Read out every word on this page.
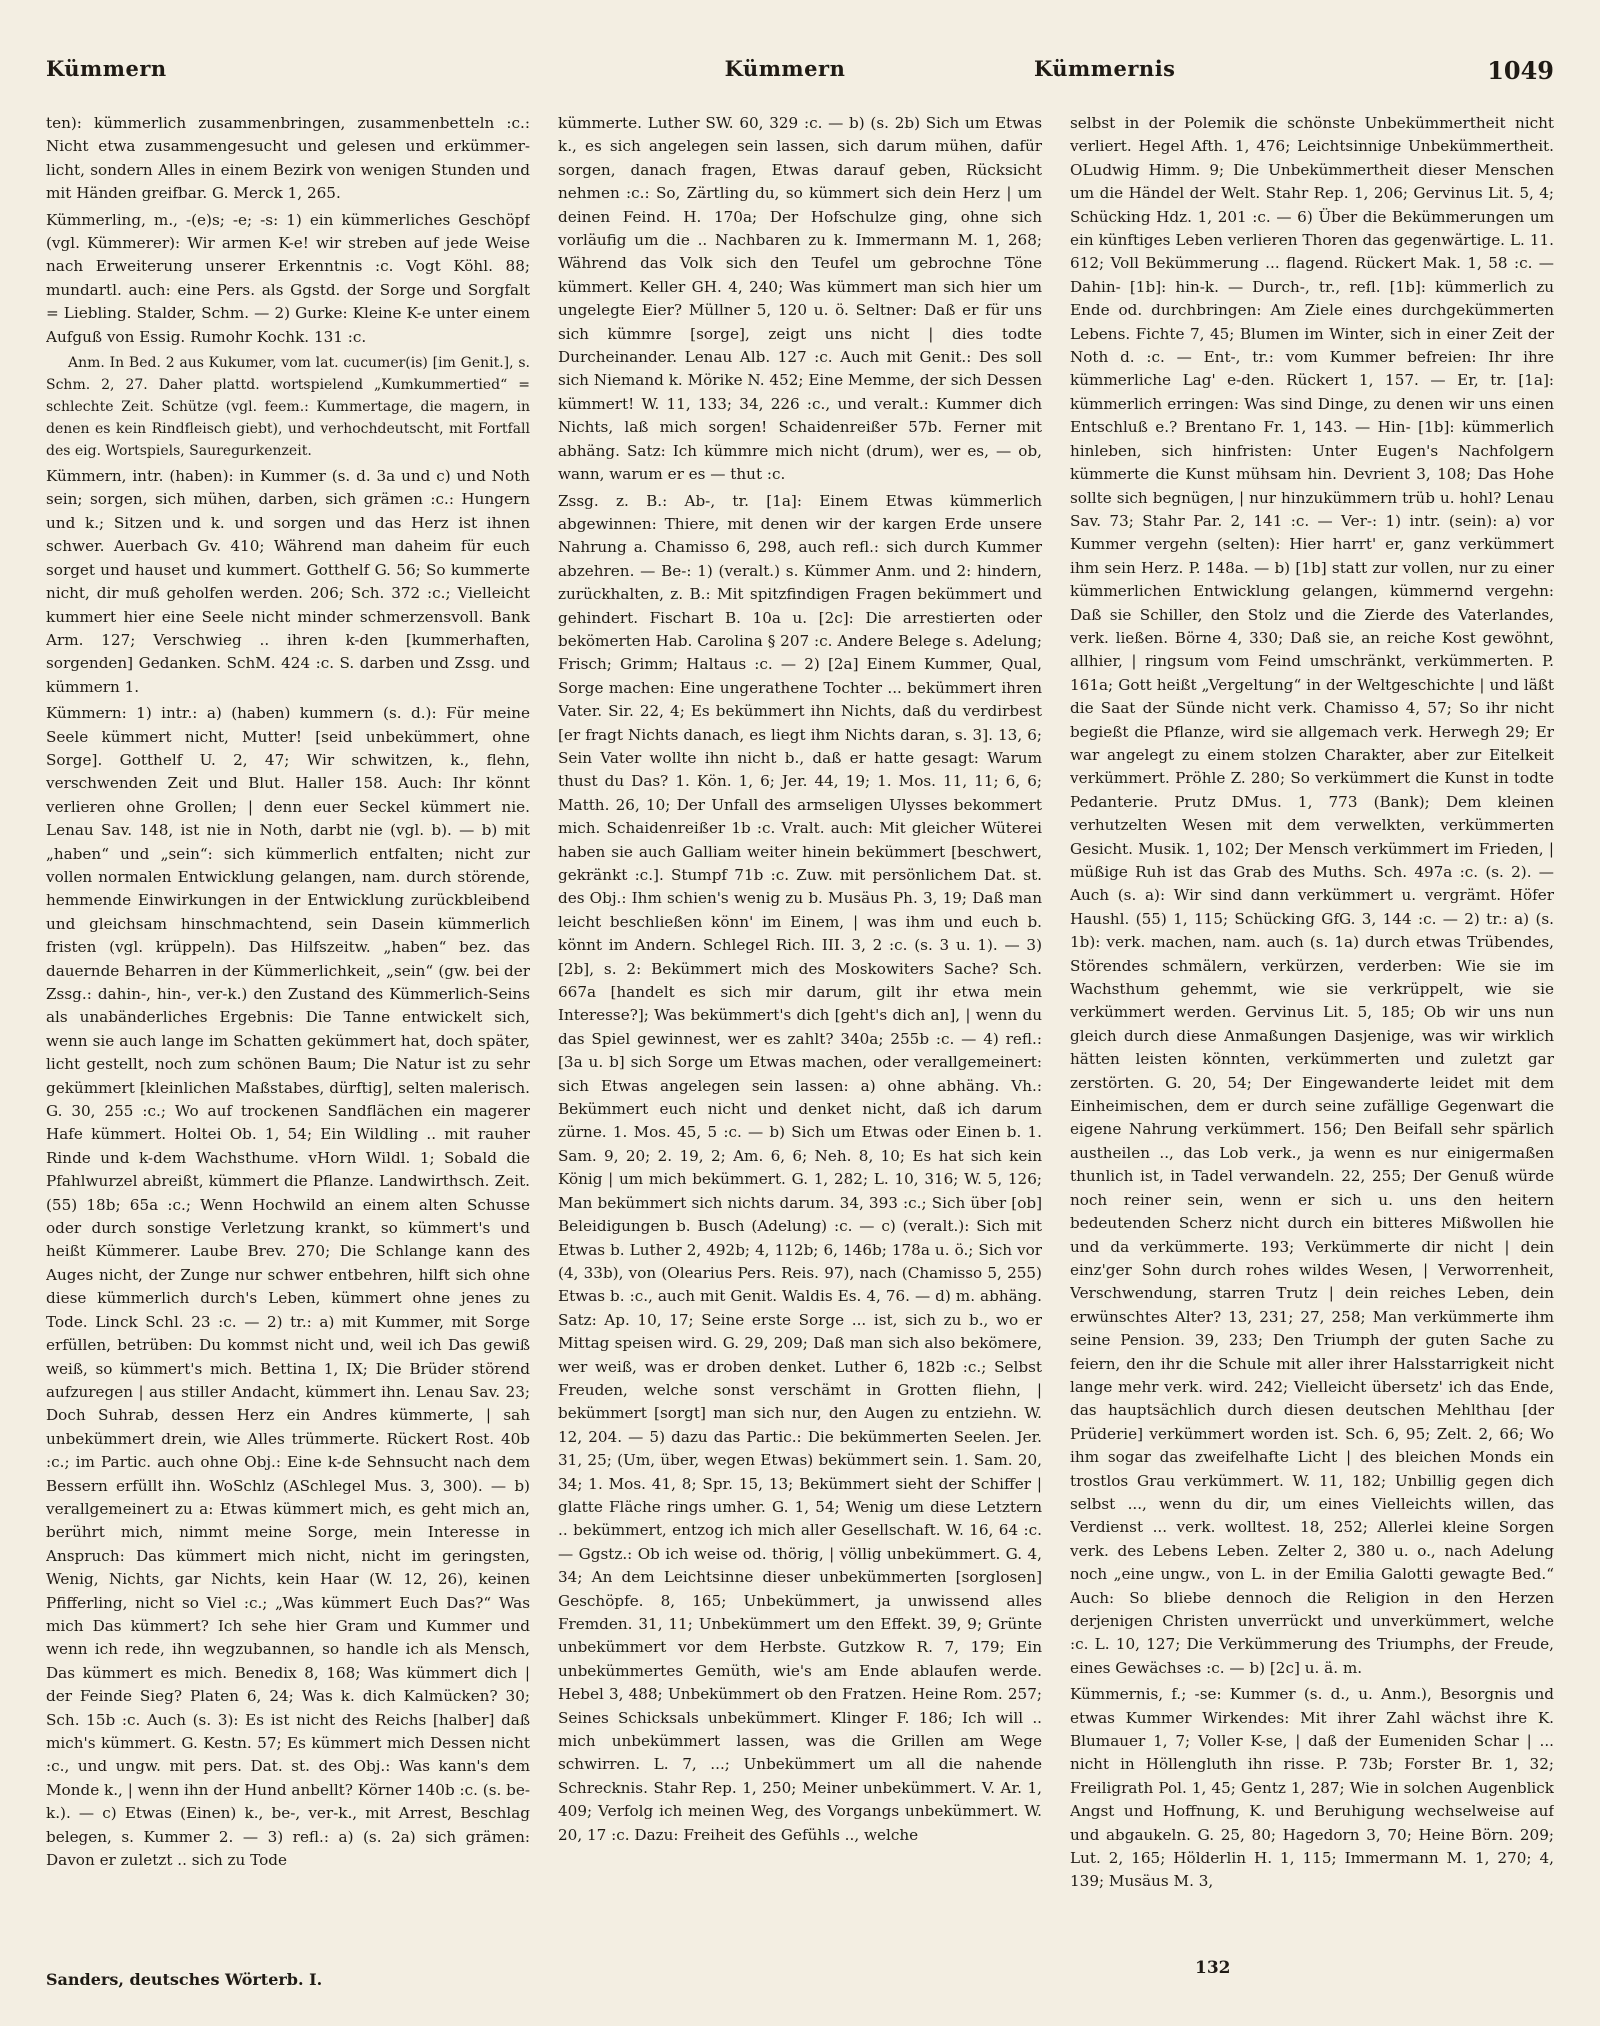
Kümmern	Kümmern	Kümmernis	1049

ten): kümmerlich zusammenbringen, zusammenbetteln :c.: Nicht etwa zusammengesucht und gelesen und erkümmerlicht, sondern Alles in einem Bezirk von wenigen Stunden und mit Händen greifbar. G. Merck 1, 265.

Kümmerling, m., -(e)s; -e; -s: 1) ein kümmerliches Geschöpf (vgl. Kümmerer): Wir armen K-e! wir streben auf jede Weise nach Erweiterung unserer Erkenntnis :c. Vogt Köhl. 88; mundartl. auch: eine Pers. als Ggstd. der Sorge und Sorgfalt = Liebling. Stalder, Schm. — 2) Gurke: Kleine K-e unter einem Aufguß von Essig. Rumohr Kochk. 131 :c.

Anm. In Bed. 2 aus Kukumer, vom lat. cucumer(is) [im Genit.], s. Schm. 2, 27. Daher plattd. wortspielend „Kumkummertied“ = schlechte Zeit. Schütze (vgl. feem.: Kummertage, die magern, in denen es kein Rindfleisch giebt), und verhochdeutscht, mit Fortfall des eig. Wortspiels, Sauregurkenzeit.

Kümmern, intr. (haben): in Kummer (s. d. 3a und c) und Noth sein; sorgen, sich mühen, darben, sich grämen :c.: Hungern und k.; Sitzen und k. und sorgen und das Herz ist ihnen schwer. Auerbach Gv. 410; Während man daheim für euch sorget und hauset und kummert. Gotthelf G. 56; So kummerte nicht, dir muß geholfen werden. 206; Sch. 372 :c.; Vielleicht kummert hier eine Seele nicht minder schmerzensvoll. Bank Arm. 127; Verschwieg .. ihren k-den [kummerhaften, sorgenden] Gedanken. SchM. 424 :c. S. darben und Zssg. und kümmern 1.

Kümmern: 1) intr.: a) (haben) kummern (s. d.): Für meine Seele kümmert nicht, Mutter! [seid unbekümmert, ohne Sorge]. Gotthelf U. 2, 47; Wir schwitzen, k., flehn, verschwenden Zeit und Blut. Haller 158. Auch: Ihr könnt verlieren ohne Grollen; | denn euer Seckel kümmert nie. Lenau Sav. 148, ist nie in Noth, darbt nie (vgl. b). — b) mit „haben“ und „sein“: sich kümmerlich entfalten; nicht zur vollen normalen Entwicklung gelangen, nam. durch störende, hemmende Einwirkungen in der Entwicklung zurückbleibend und gleichsam hinschmachtend, sein Dasein kümmerlich fristen (vgl. krüppeln). Das Hilfszeitw. „haben“ bez. das dauernde Beharren in der Kümmerlichkeit, „sein“ (gw. bei der Zssg.: dahin-, hin-, ver-k.) den Zustand des Kümmerlich-Seins als unabänderliches Ergebnis: Die Tanne entwickelt sich, wenn sie auch lange im Schatten gekümmert hat, doch später, licht gestellt, noch zum schönen Baum; Die Natur ist zu sehr gekümmert [kleinlichen Maßstabes, dürftig], selten malerisch. G. 30, 255 :c.; Wo auf trockenen Sandflächen ein magerer Hafe kümmert. Holtei Ob. 1, 54; Ein Wildling .. mit rauher Rinde und k-dem Wachsthume. vHorn Wildl. 1; Sobald die Pfahlwurzel abreißt, kümmert die Pflanze. Landwirthsch. Zeit. (55) 18b; 65a :c.; Wenn Hochwild an einem alten Schusse oder durch sonstige Verletzung krankt, so kümmert's und heißt Kümmerer. Laube Brev. 270; Die Schlange kann des Auges nicht, der Zunge nur schwer entbehren, hilft sich ohne diese kümmerlich durch's Leben, kümmert ohne jenes zu Tode. Linck Schl. 23 :c. — 2) tr.: a) mit Kummer, mit Sorge erfüllen, betrüben: Du kommst nicht und, weil ich Das gewiß weiß, so kümmert's mich. Bettina 1, IX; Die Brüder störend aufzuregen | aus stiller Andacht, kümmert ihn. Lenau Sav. 23; Doch Suhrab, dessen Herz ein Andres kümmerte, | sah unbekümmert drein, wie Alles trümmerte. Rückert Rost. 40b :c.; im Partic. auch ohne Obj.: Eine k-de Sehnsucht nach dem Bessern erfüllt ihn. WoSchlz (ASchlegel Mus. 3, 300). — b) verallgemeinert zu a: Etwas kümmert mich, es geht mich an, berührt mich, nimmt meine Sorge, mein Interesse in Anspruch: Das kümmert mich nicht, nicht im geringsten, Wenig, Nichts, gar Nichts, kein Haar (W. 12, 26), keinen Pfifferling, nicht so Viel :c.; „Was kümmert Euch Das?“ Was mich Das kümmert? Ich sehe hier Gram und Kummer und wenn ich rede, ihn wegzubannen, so handle ich als Mensch, Das kümmert es mich. Benedix 8, 168; Was kümmert dich | der Feinde Sieg? Platen 6, 24; Was k. dich Kalmücken? 30; Sch. 15b :c. Auch (s. 3): Es ist nicht des Reichs [halber] daß mich's kümmert. G. Kestn. 57; Es kümmert mich Dessen nicht :c., und ungw. mit pers. Dat. st. des Obj.: Was kann's dem Monde k., | wenn ihn der Hund anbellt? Körner 140b :c. (s. be-k.). — c) Etwas (Einen) k., be-, ver-k., mit Arrest, Beschlag belegen, s. Kummer 2. — 3) refl.: a) (s. 2a) sich grämen: Davon er zuletzt .. sich zu Tode

kümmerte. Luther SW. 60, 329 :c. — b) (s. 2b) Sich um Etwas k., es sich angelegen sein lassen, sich darum mühen, dafür sorgen, danach fragen, Etwas darauf geben, Rücksicht nehmen :c.: So, Zärtling du, so kümmert sich dein Herz | um deinen Feind. H. 170a; Der Hofschulze ging, ohne sich vorläufig um die .. Nachbaren zu k. Immermann M. 1, 268; Während das Volk sich den Teufel um gebrochne Töne kümmert. Keller GH. 4, 240; Was kümmert man sich hier um ungelegte Eier? Müllner 5, 120 u. ö. Seltner: Daß er für uns sich kümmre [sorge], zeigt uns nicht | dies todte Durcheinander. Lenau Alb. 127 :c. Auch mit Genit.: Des soll sich Niemand k. Mörike N. 452; Eine Memme, der sich Dessen kümmert! W. 11, 133; 34, 226 :c., und veralt.: Kummer dich Nichts, laß mich sorgen! Schaidenreißer 57b. Ferner mit abhäng. Satz: Ich kümmre mich nicht (drum), wer es, — ob, wann, warum er es — thut :c.

Zssg. z. B.: Ab-, tr. [1a]: Einem Etwas kümmerlich abgewinnen: Thiere, mit denen wir der kargen Erde unsere Nahrung a. Chamisso 6, 298, auch refl.: sich durch Kummer abzehren. — Be-: 1) (veralt.) s. Kümmer Anm. und 2: hindern, zurückhalten, z. B.: Mit spitzfindigen Fragen bekümmert und gehindert. Fischart B. 10a u. [2c]: Die arrestierten oder bekömerten Hab. Carolina § 207 :c. Andere Belege s. Adelung; Frisch; Grimm; Haltaus :c. — 2) [2a] Einem Kummer, Qual, Sorge machen: Eine ungerathene Tochter ... bekümmert ihren Vater. Sir. 22, 4; Es bekümmert ihn Nichts, daß du verdirbest [er fragt Nichts danach, es liegt ihm Nichts daran, s. 3]. 13, 6; Sein Vater wollte ihn nicht b., daß er hatte gesagt: Warum thust du Das? 1. Kön. 1, 6; Jer. 44, 19; 1. Mos. 11, 11; 6, 6; Matth. 26, 10; Der Unfall des armseligen Ulysses bekommert mich. Schaidenreißer 1b :c. Vralt. auch: Mit gleicher Wüterei haben sie auch Galliam weiter hinein bekümmert [beschwert, gekränkt :c.]. Stumpf 71b :c. Zuw. mit persönlichem Dat. st. des Obj.: Ihm schien's wenig zu b. Musäus Ph. 3, 19; Daß man leicht beschließen könn' im Einem, | was ihm und euch b. könnt im Andern. Schlegel Rich. III. 3, 2 :c. (s. 3 u. 1). — 3) [2b], s. 2: Bekümmert mich des Moskowiters Sache? Sch. 667a [handelt es sich mir darum, gilt ihr etwa mein Interesse?]; Was bekümmert's dich [geht's dich an], | wenn du das Spiel gewinnest, wer es zahlt? 340a; 255b :c. — 4) refl.: [3a u. b] sich Sorge um Etwas machen, oder verallgemeinert: sich Etwas angelegen sein lassen: a) ohne abhäng. Vh.: Bekümmert euch nicht und denket nicht, daß ich darum zürne. 1. Mos. 45, 5 :c. — b) Sich um Etwas oder Einen b. 1. Sam. 9, 20; 2. 19, 2; Am. 6, 6; Neh. 8, 10; Es hat sich kein König | um mich bekümmert. G. 1, 282; L. 10, 316; W. 5, 126; Man bekümmert sich nichts darum. 34, 393 :c.; Sich über [ob] Beleidigungen b. Busch (Adelung) :c. — c) (veralt.): Sich mit Etwas b. Luther 2, 492b; 4, 112b; 6, 146b; 178a u. ö.; Sich vor (4, 33b), von (Olearius Pers. Reis. 97), nach (Chamisso 5, 255) Etwas b. :c., auch mit Genit. Waldis Es. 4, 76. — d) m. abhäng. Satz: Ap. 10, 17; Seine erste Sorge ... ist, sich zu b., wo er Mittag speisen wird. G. 29, 209; Daß man sich also bekömere, wer weiß, was er droben denket. Luther 6, 182b :c.; Selbst Freuden, welche sonst verschämt in Grotten fliehn, | bekümmert [sorgt] man sich nur, den Augen zu entziehn. W. 12, 204. — 5) dazu das Partic.: Die bekümmerten Seelen. Jer. 31, 25; (Um, über, wegen Etwas) bekümmert sein. 1. Sam. 20, 34; 1. Mos. 41, 8; Spr. 15, 13; Bekümmert sieht der Schiffer | glatte Fläche rings umher. G. 1, 54; Wenig um diese Letztern .. bekümmert, entzog ich mich aller Gesellschaft. W. 16, 64 :c. — Ggstz.: Ob ich weise od. thörig, | völlig unbekümmert. G. 4, 34; An dem Leichtsinne dieser unbekümmerten [sorglosen] Geschöpfe. 8, 165; Unbekümmert, ja unwissend alles Fremden. 31, 11; Unbekümmert um den Effekt. 39, 9; Grünte unbekümmert vor dem Herbste. Gutzkow R. 7, 179; Ein unbekümmertes Gemüth, wie's am Ende ablaufen werde. Hebel 3, 488; Unbekümmert ob den Fratzen. Heine Rom. 257; Seines Schicksals unbekümmert. Klinger F. 186; Ich will .. mich unbekümmert lassen, was die Grillen am Wege schwirren. L. 7, ...; Unbekümmert um all die nahende Schrecknis. Stahr Rep. 1, 250; Meiner unbekümmert. V. Ar. 1, 409; Verfolg ich meinen Weg, des Vorgangs unbekümmert. W. 20, 17 :c. Dazu: Freiheit des Gefühls .., welche

selbst in der Polemik die schönste Unbekümmertheit nicht verliert. Hegel Afth. 1, 476; Leichtsinnige Unbekümmertheit. OLudwig Himm. 9; Die Unbekümmertheit dieser Menschen um die Händel der Welt. Stahr Rep. 1, 206; Gervinus Lit. 5, 4; Schücking Hdz. 1, 201 :c. — 6) Über die Bekümmerungen um ein künftiges Leben verlieren Thoren das gegenwärtige. L. 11. 612; Voll Bekümmerung ... flagend. Rückert Mak. 1, 58 :c. — Dahin- [1b]: hin-k. — Durch-, tr., refl. [1b]: kümmerlich zu Ende od. durchbringen: Am Ziele eines durchgekümmerten Lebens. Fichte 7, 45; Blumen im Winter, sich in einer Zeit der Noth d. :c. — Ent-, tr.: vom Kummer befreien: Ihr ihre kümmerliche Lag' e-den. Rückert 1, 157. — Er, tr. [1a]: kümmerlich erringen: Was sind Dinge, zu denen wir uns einen Entschluß e.? Brentano Fr. 1, 143. — Hin- [1b]: kümmerlich hinleben, sich hinfristen: Unter Eugen's Nachfolgern kümmerte die Kunst mühsam hin. Devrient 3, 108; Das Hohe sollte sich begnügen, | nur hinzukümmern trüb u. hohl? Lenau Sav. 73; Stahr Par. 2, 141 :c. — Ver-: 1) intr. (sein): a) vor Kummer vergehn (selten): Hier harrt' er, ganz verkümmert ihm sein Herz. P. 148a. — b) [1b] statt zur vollen, nur zu einer kümmerlichen Entwicklung gelangen, kümmernd vergehn: Daß sie Schiller, den Stolz und die Zierde des Vaterlandes, verk. ließen. Börne 4, 330; Daß sie, an reiche Kost gewöhnt, allhier, | ringsum vom Feind umschränkt, verkümmerten. P. 161a; Gott heißt „Vergeltung“ in der Weltgeschichte | und läßt die Saat der Sünde nicht verk. Chamisso 4, 57; So ihr nicht begießt die Pflanze, wird sie allgemach verk. Herwegh 29; Er war angelegt zu einem stolzen Charakter, aber zur Eitelkeit verkümmert. Pröhle Z. 280; So verkümmert die Kunst in todte Pedanterie. Prutz DMus. 1, 773 (Bank); Dem kleinen verhutzelten Wesen mit dem verwelkten, verkümmerten Gesicht. Musik. 1, 102; Der Mensch verkümmert im Frieden, | müßige Ruh ist das Grab des Muths. Sch. 497a :c. (s. 2). — Auch (s. a): Wir sind dann verkümmert u. vergrämt. Höfer Haushl. (55) 1, 115; Schücking GfG. 3, 144 :c. — 2) tr.: a) (s. 1b): verk. machen, nam. auch (s. 1a) durch etwas Trübendes, Störendes schmälern, verkürzen, verderben: Wie sie im Wachsthum gehemmt, wie sie verkrüppelt, wie sie verkümmert werden. Gervinus Lit. 5, 185; Ob wir uns nun gleich durch diese Anmaßungen Dasjenige, was wir wirklich hätten leisten könnten, verkümmerten und zuletzt gar zerstörten. G. 20, 54; Der Eingewanderte leidet mit dem Einheimischen, dem er durch seine zufällige Gegenwart die eigene Nahrung verkümmert. 156; Den Beifall sehr spärlich austheilen .., das Lob verk., ja wenn es nur einigermaßen thunlich ist, in Tadel verwandeln. 22, 255; Der Genuß würde noch reiner sein, wenn er sich u. uns den heitern bedeutenden Scherz nicht durch ein bitteres Mißwollen hie und da verkümmerte. 193; Verkümmerte dir nicht | dein einz'ger Sohn durch rohes wildes Wesen, | Verworrenheit, Verschwendung, starren Trutz | dein reiches Leben, dein erwünschtes Alter? 13, 231; 27, 258; Man verkümmerte ihm seine Pension. 39, 233; Den Triumph der guten Sache zu feiern, den ihr die Schule mit aller ihrer Halsstarrigkeit nicht lange mehr verk. wird. 242; Vielleicht übersetz' ich das Ende, das hauptsächlich durch diesen deutschen Mehlthau [der Prüderie] verkümmert worden ist. Sch. 6, 95; Zelt. 2, 66; Wo ihm sogar das zweifelhafte Licht | des bleichen Monds ein trostlos Grau verkümmert. W. 11, 182; Unbillig gegen dich selbst ..., wenn du dir, um eines Vielleichts willen, das Verdienst ... verk. wolltest. 18, 252; Allerlei kleine Sorgen verk. des Lebens Leben. Zelter 2, 380 u. o., nach Adelung noch „eine ungw., von L. in der Emilia Galotti gewagte Bed.“ Auch: So bliebe dennoch die Religion in den Herzen derjenigen Christen unverrückt und unverkümmert, welche :c. L. 10, 127; Die Verkümmerung des Triumphs, der Freude, eines Gewächses :c. — b) [2c] u. ä. m.

Kümmernis, f.; -se: Kummer (s. d., u. Anm.), Besorgnis und etwas Kummer Wirkendes: Mit ihrer Zahl wächst ihre K. Blumauer 1, 7; Voller K-se, | daß der Eumeniden Schar | ... nicht in Höllengluth ihn risse. P. 73b; Forster Br. 1, 32; Freiligrath Pol. 1, 45; Gentz 1, 287; Wie in solchen Augenblick Angst und Hoffnung, K. und Beruhigung wechselweise auf und abgaukeln. G. 25, 80; Hagedorn 3, 70; Heine Börn. 209; Lut. 2, 165; Hölderlin H. 1, 115; Immermann M. 1, 270; 4, 139; Musäus M. 3,

Sanders, deutsches Wörterb. I.
132
